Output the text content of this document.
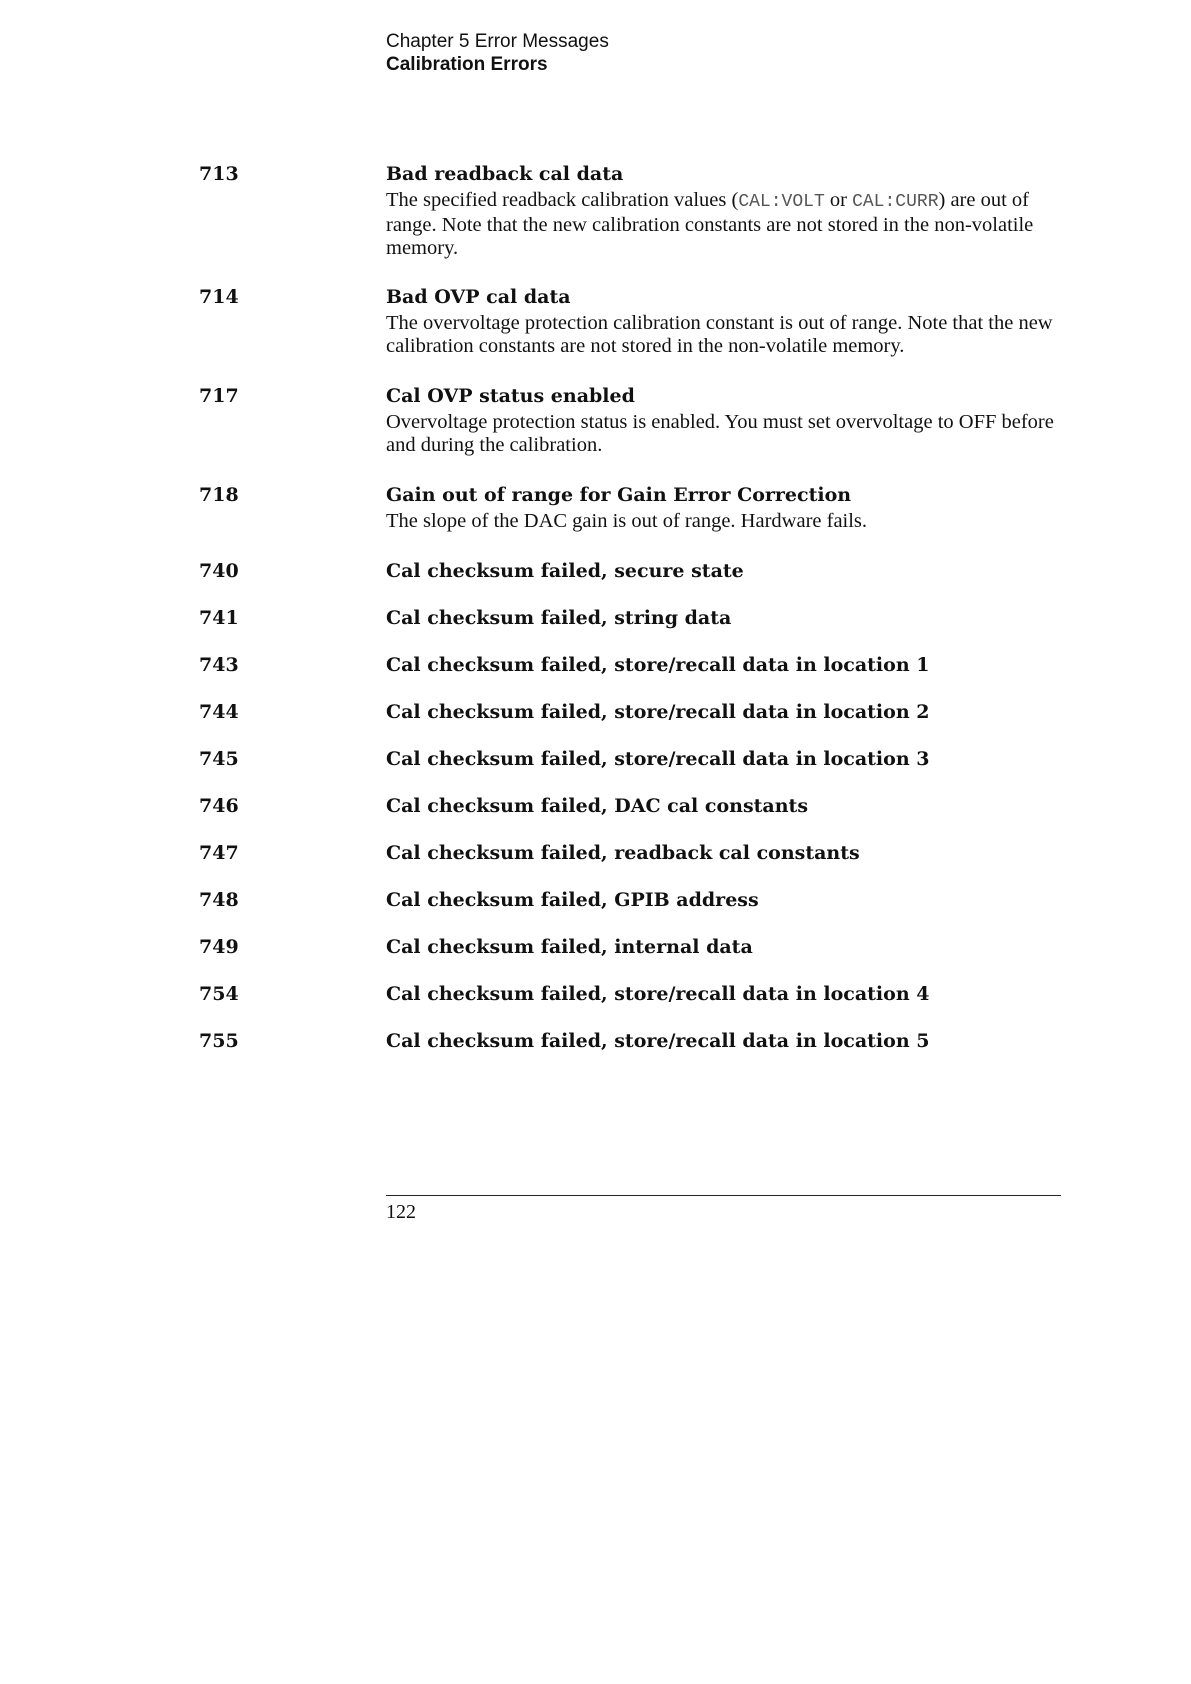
Chapter 5 Error Messages
Calibration Errors
713	Bad readback cal data
The specified readback calibration values (CAL:VOLT or CAL:CURR) are out of range. Note that the new calibration constants are not stored in the non-volatile memory.
714	Bad OVP cal data
The overvoltage protection calibration constant is out of range. Note that the new calibration constants are not stored in the non-volatile memory.
717	Cal OVP status enabled
Overvoltage protection status is enabled. You must set overvoltage to OFF before and during the calibration.
718	Gain out of range for Gain Error Correction
The slope of the DAC gain is out of range. Hardware fails.
740	Cal checksum failed, secure state
741	Cal checksum failed, string data
743	Cal checksum failed, store/recall data in location 1
744	Cal checksum failed, store/recall data in location 2
745	Cal checksum failed, store/recall data in location 3
746	Cal checksum failed, DAC cal constants
747	Cal checksum failed, readback cal constants
748	Cal checksum failed, GPIB address
749	Cal checksum failed, internal data
754	Cal checksum failed, store/recall data in location 4
755	Cal checksum failed, store/recall data in location 5
122
